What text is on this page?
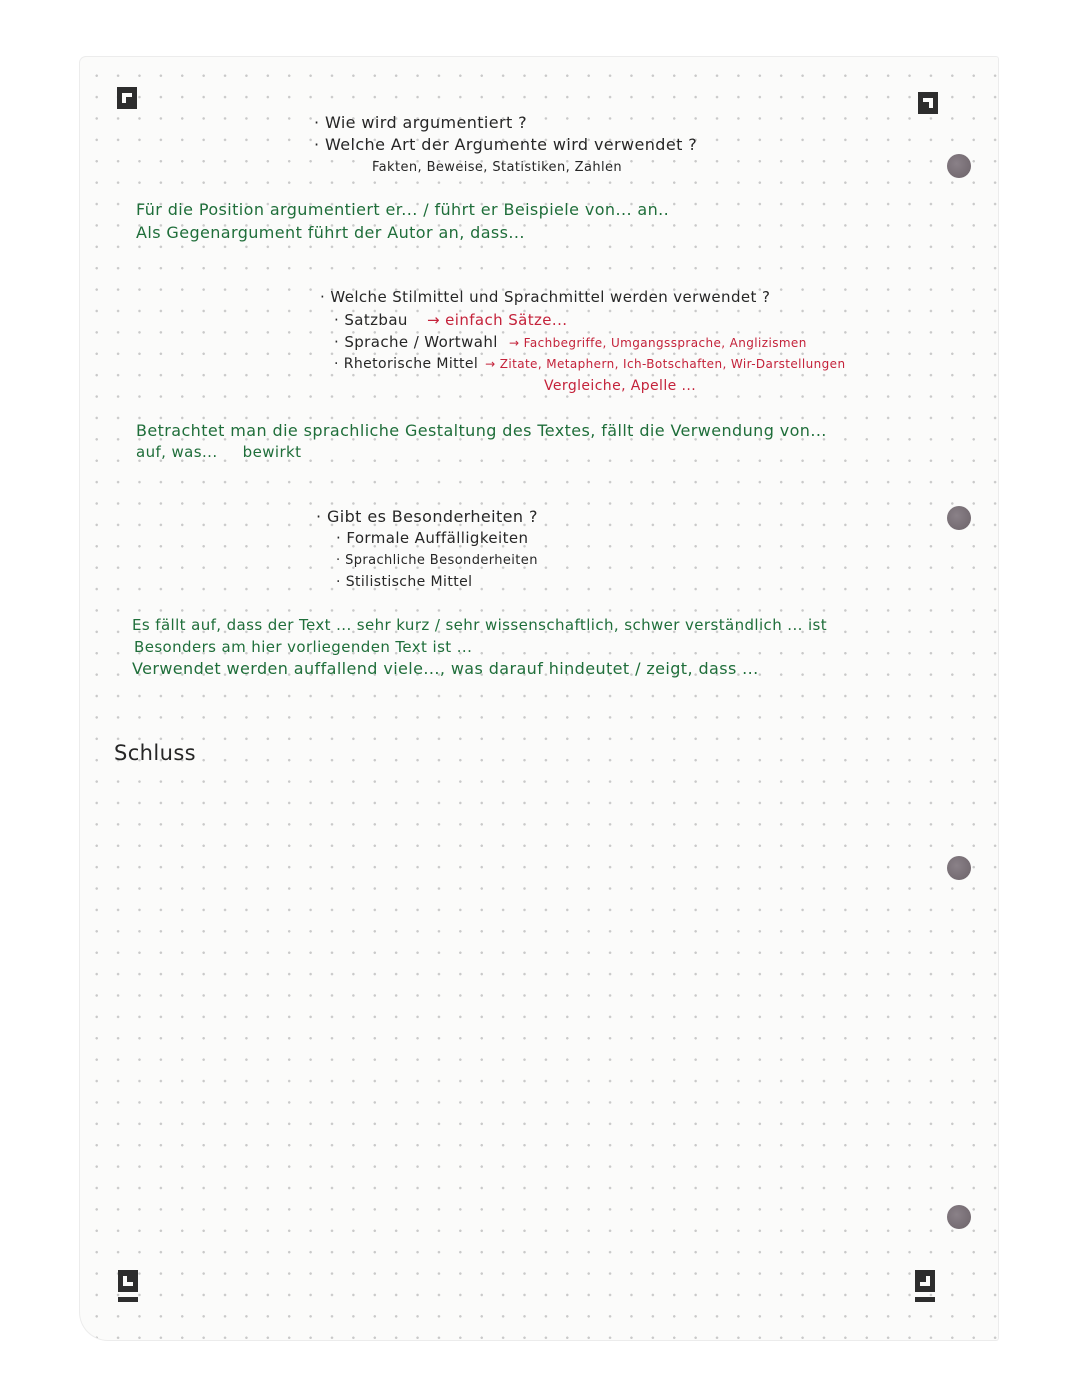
· Wie wird argumentiert ?
· Welche Art der Argumente wird verwendet ?
Fakten, Beweise, Statistiken, Zahlen
Für die Position argumentiert er... / führt er Beispiele von... an..
Als Gegenargument führt der Autor an, dass...
· Welche Stilmittel und Sprachmittel werden verwendet ?
· Satzbau → einfach Sätze...
· Sprache / Wortwahl → Fachbegriffe, Umgangssprache, Anglizismen
· Rhetorische Mittel → Zitate, Metaphern, Ich-Botschaften, Wir-Darstellungen
Vergleiche, Apelle ...
Betrachtet man die sprachliche Gestaltung des Textes, fällt die Verwendung von...
auf, was... bewirkt
· Gibt es Besonderheiten ?
· Formale Auffälligkeiten
· Sprachliche Besonderheiten
· Stilistische Mittel
Es fällt auf, dass der Text ... sehr kurz / sehr wissenschaftlich, schwer verständlich ... ist
Besonders am hier vorliegenden Text ist ...
Verwendet werden auffallend viele..., was darauf hindeutet / zeigt, dass ...
Schluss
